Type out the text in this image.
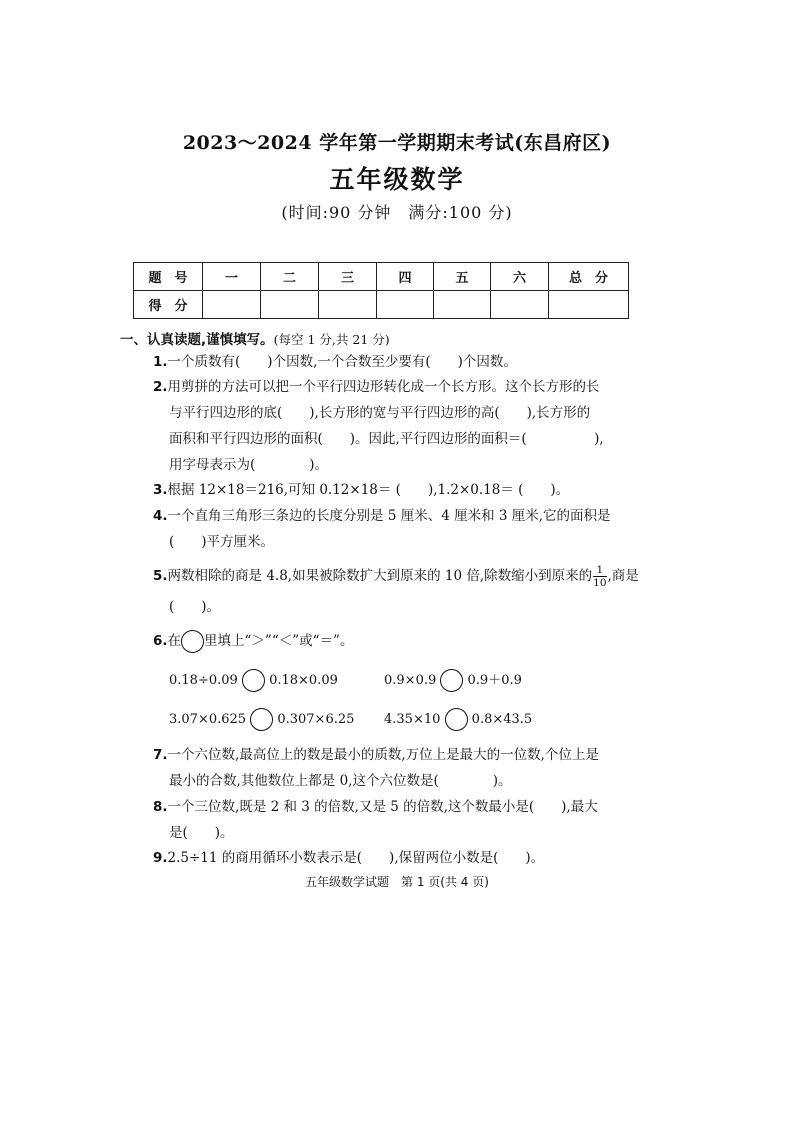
2023～2024 学年第一学期期末考试(东昌府区)
五年级数学
(时间:90 分钟　满分:100 分)
题　号	一	二	三	四	五	六	总　分
得　分							
一、认真读题,谨慎填写。(每空 1 分,共 21 分)
1.一个质数有(　　)个因数,一个合数至少要有(　　)个因数。
2.用剪拼的方法可以把一个平行四边形转化成一个长方形。这个长方形的长
与平行四边形的底(　　),长方形的宽与平行四边形的高(　　),长方形的
面积和平行四边形的面积(　　)。因此,平行四边形的面积＝(　　　　　),
用字母表示为(　　　　)。
3.根据 12×18＝216,可知 0.12×18＝ (　　),1.2×0.18＝ (　　)。
4.一个直角三角形三条边的长度分别是 5 厘米、4 厘米和 3 厘米,它的面积是
(　　)平方厘米。
5.两数相除的商是 4.8,如果被除数扩大到原来的 10 倍,除数缩小到原来的 $\frac{1}{10}$ ,商是
(　　)。
6.在 里填上“＞”“＜”或“＝”。
0.18÷0.09 0.18×0.09	0.9×0.9 0.9＋0.9
3.07×0.625 0.307×6.25 4.35×10 0.8×43.5
7.一个六位数,最高位上的数是最小的质数,万位上是最大的一位数,个位上是
最小的合数,其他数位上都是 0,这个六位数是(　　　　)。
8.一个三位数,既是 2 和 3 的倍数,又是 5 的倍数,这个数最小是(　　),最大
是(　　)。
9.2.5÷11 的商用循环小数表示是(　　),保留两位小数是(　　)。
五年级数学试题　第 1 页(共 4 页)
